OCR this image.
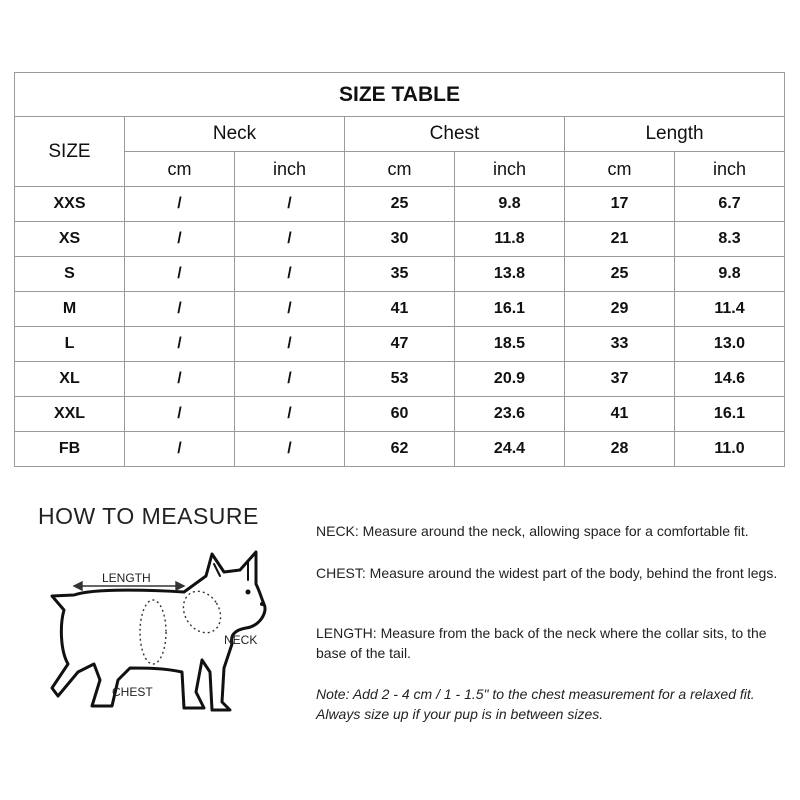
SIZE TABLE						
SIZE	Neck		Chest		Length	
	cm	inch	cm	inch	cm	inch
XXS	/	/	25	9.8	17	6.7
XS	/	/	30	11.8	21	8.3
S	/	/	35	13.8	25	9.8
M	/	/	41	16.1	29	11.4
L	/	/	47	18.5	33	13.0
XL	/	/	53	20.9	37	14.6
XXL	/	/	60	23.6	41	16.1
FB	/	/	62	24.4	28	11.0
HOW TO MEASURE
LENGTH
NECK
CHEST

NECK: Measure around the neck, allowing space for a comfortable fit.

CHEST: Measure around the widest part of the body, behind the front legs.

LENGTH: Measure from the back of the neck where the collar sits, to the base of the tail.

Note: Add 2 - 4 cm / 1 - 1.5" to the chest measurement for a relaxed fit. Always size up if your pup is in between sizes.
